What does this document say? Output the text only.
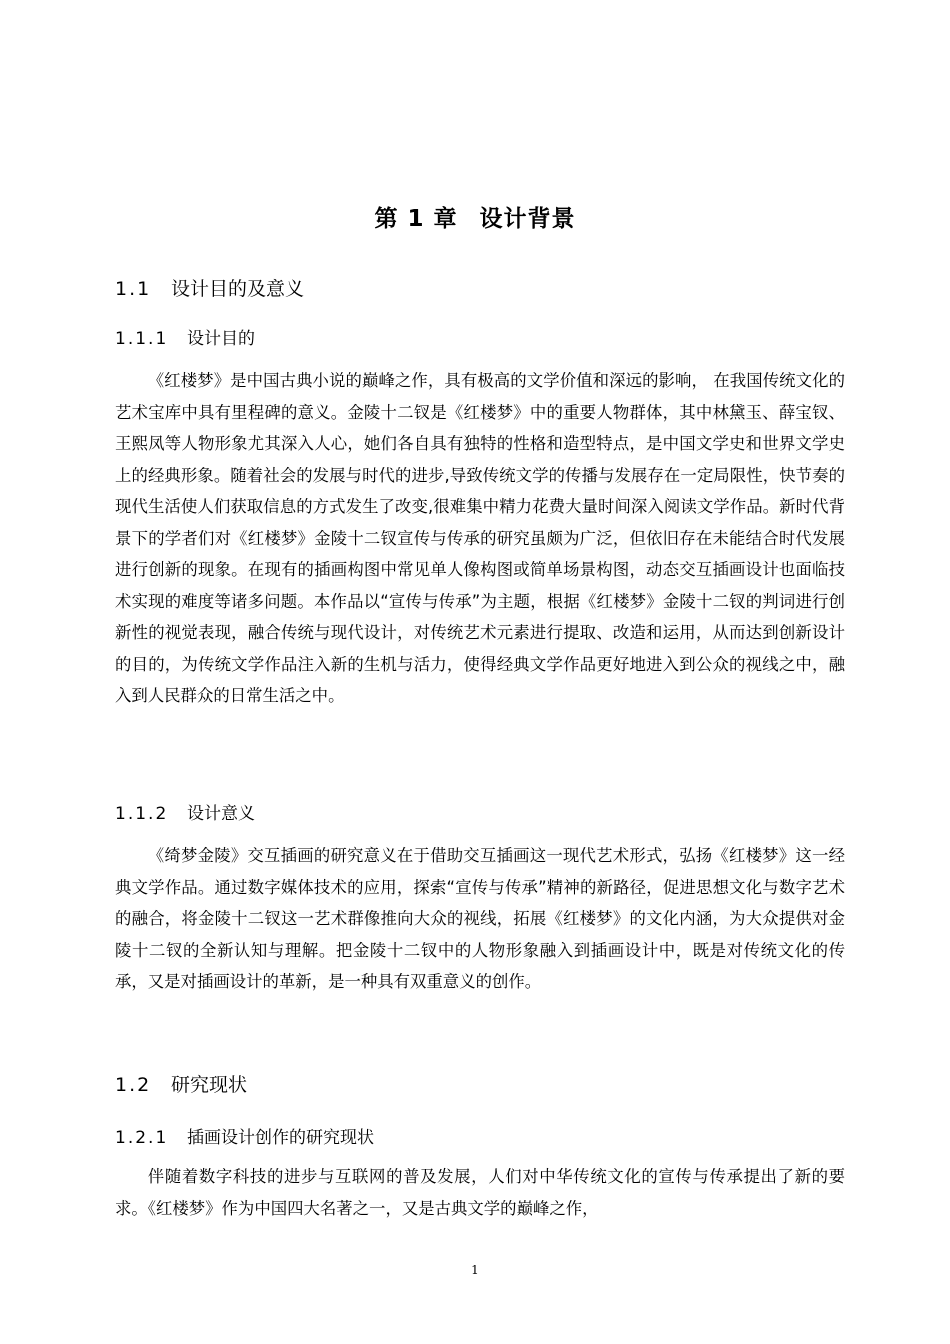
第 1 章 设计背景
1.1 设计目的及意义
1.1.1 设计目的

《红楼梦》是中国古典小说的巅峰之作，具有极高的文学价值和深远的影响， 在我国传统文化的艺术宝库中具有里程碑的意义。金陵十二钗是《红楼梦》中的重要人物群体，其中林黛玉、薛宝钗、王熙凤等人物形象尤其深入人心，她们各自具有独特的性格和造型特点，是中国文学史和世界文学史上的经典形象。随着社会的发展与时代的进步,导致传统文学的传播与发展存在一定局限性，快节奏的现代生活使人们获取信息的方式发生了改变,很难集中精力花费大量时间深入阅读文学作品。新时代背景下的学者们对《红楼梦》金陵十二钗宣传与传承的研究虽颇为广泛，但依旧存在未能结合时代发展进行创新的现象。在现有的插画构图中常见单人像构图或简单场景构图，动态交互插画设计也面临技术实现的难度等诸多问题。本作品以“宣传与传承”为主题，根据《红楼梦》金陵十二钗的判词进行创新性的视觉表现，融合传统与现代设计，对传统艺术元素进行提取、改造和运用，从而达到创新设计的目的，为传统文学作品注入新的生机与活力，使得经典文学作品更好地进入到公众的视线之中，融入到人民群众的日常生活之中。

1.1.2 设计意义

《绮梦金陵》交互插画的研究意义在于借助交互插画这一现代艺术形式，弘扬《红楼梦》这一经典文学作品。通过数字媒体技术的应用，探索“宣传与传承”精神的新路径，促进思想文化与数字艺术的融合，将金陵十二钗这一艺术群像推向大众的视线，拓展《红楼梦》的文化内涵，为大众提供对金陵十二钗的全新认知与理解。把金陵十二钗中的人物形象融入到插画设计中，既是对传统文化的传承，又是对插画设计的革新，是一种具有双重意义的创作。

1.2 研究现状
1.2.1 插画设计创作的研究现状

伴随着数字科技的进步与互联网的普及发展，人们对中华传统文化的宣传与传承提出了新的要求。《红楼梦》作为中国四大名著之一，又是古典文学的巅峰之作，

1
